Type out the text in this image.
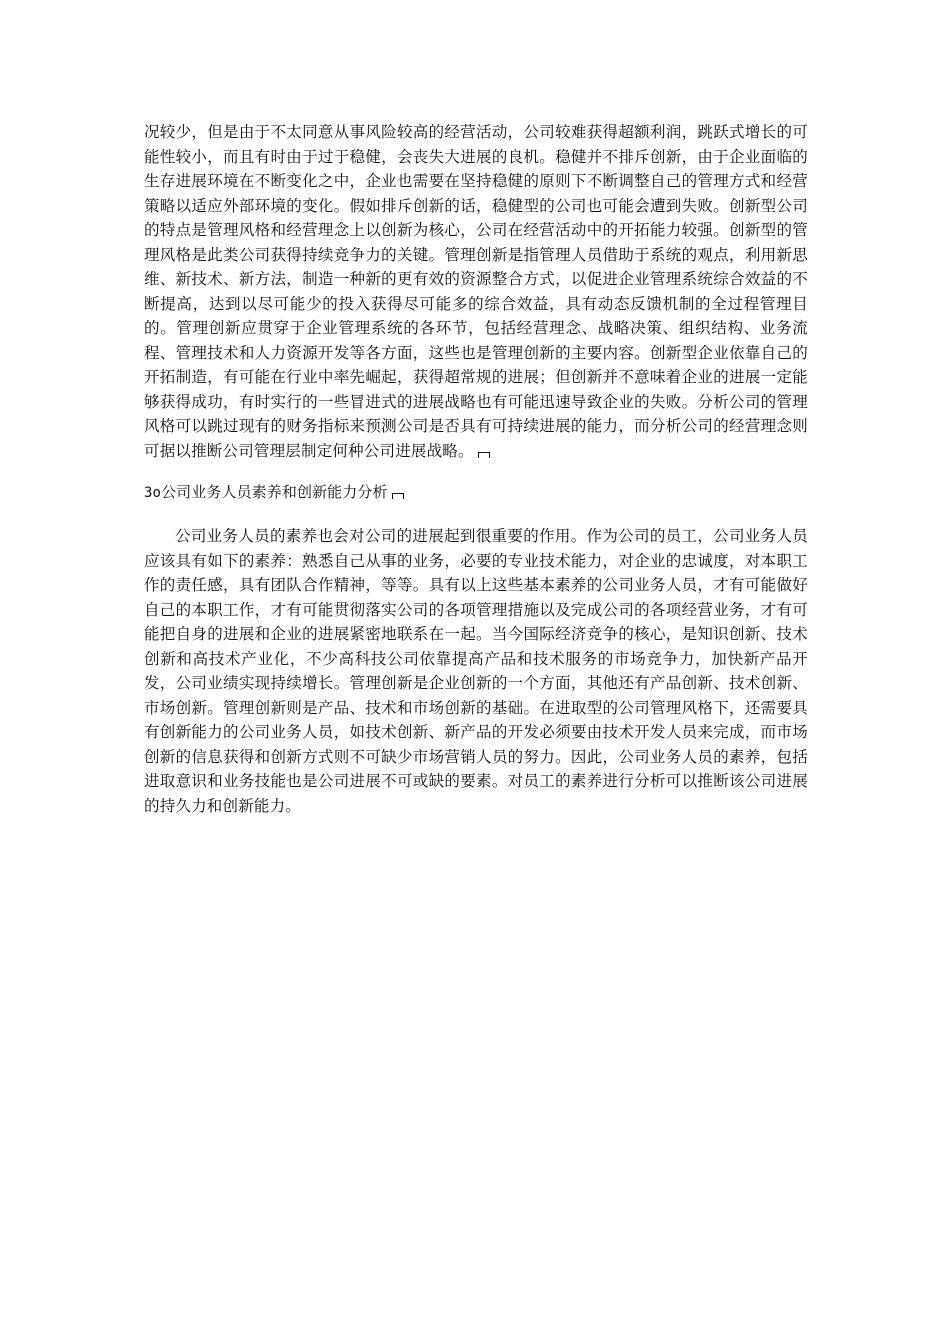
况较少，但是由于不太同意从事风险较高的经营活动，公司较难获得超额利润，跳跃式增长的可能性较小，而且有时由于过于稳健，会丧失大进展的良机。稳健并不排斥创新，由于企业面临的生存进展环境在不断变化之中，企业也需要在坚持稳健的原则下不断调整自己的管理方式和经营策略以适应外部环境的变化。假如排斥创新的话，稳健型的公司也可能会遭到失败。创新型公司的特点是管理风格和经营理念上以创新为核心，公司在经营活动中的开拓能力较强。创新型的管理风格是此类公司获得持续竞争力的关键。管理创新是指管理人员借助于系统的观点，利用新思维、新技术、新方法，制造一种新的更有效的资源整合方式，以促进企业管理系统综合效益的不断提高，达到以尽可能少的投入获得尽可能多的综合效益，具有动态反馈机制的全过程管理目的。管理创新应贯穿于企业管理系统的各环节，包括经营理念、战略决策、组织结构、业务流程、管理技术和人力资源开发等各方面，这些也是管理创新的主要内容。创新型企业依靠自己的开拓制造，有可能在行业中率先崛起，获得超常规的进展；但创新并不意味着企业的进展一定能够获得成功，有时实行的一些冒进式的进展战略也有可能迅速导致企业的失败。分析公司的管理风格可以跳过现有的财务指标来预测公司是否具有可持续进展的能力，而分析公司的经营理念则可据以推断公司管理层制定何种公司进展战略。

3o公司业务人员素养和创新能力分析

公司业务人员的素养也会对公司的进展起到很重要的作用。作为公司的员工，公司业务人员应该具有如下的素养：熟悉自己从事的业务，必要的专业技术能力，对企业的忠诚度，对本职工作的责任感，具有团队合作精神，等等。具有以上这些基本素养的公司业务人员，才有可能做好自己的本职工作，才有可能贯彻落实公司的各项管理措施以及完成公司的各项经营业务，才有可能把自身的进展和企业的进展紧密地联系在一起。当今国际经济竞争的核心，是知识创新、技术创新和高技术产业化，不少高科技公司依靠提高产品和技术服务的市场竞争力，加快新产品开发，公司业绩实现持续增长。管理创新是企业创新的一个方面，其他还有产品创新、技术创新、市场创新。管理创新则是产品、技术和市场创新的基础。在进取型的公司管理风格下，还需要具有创新能力的公司业务人员，如技术创新、新产品的开发必须要由技术开发人员来完成，而市场创新的信息获得和创新方式则不可缺少市场营销人员的努力。因此，公司业务人员的素养，包括进取意识和业务技能也是公司进展不可或缺的要素。对员工的素养进行分析可以推断该公司进展的持久力和创新能力。
